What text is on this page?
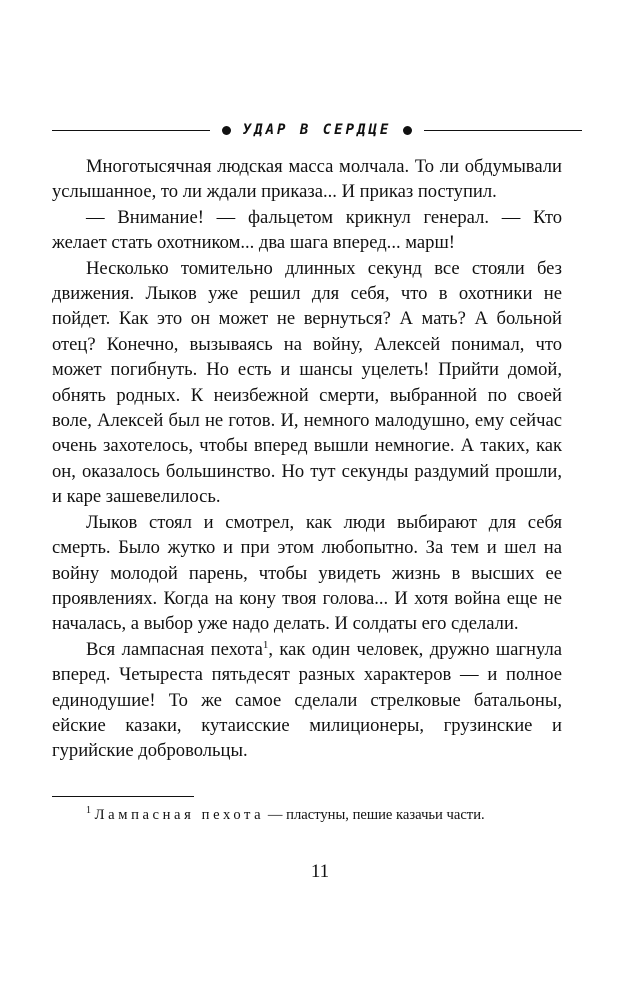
УДАР В СЕРДЦЕ

Многотысячная людская масса молчала. То ли обдумывали услышанное, то ли ждали приказа... И приказ поступил.

— Внимание! — фальцетом крикнул генерал. — Кто желает стать охотником... два шага вперед... марш!

Несколько томительно длинных секунд все стояли без движения. Лыков уже решил для себя, что в охотники не пойдет. Как это он может не вернуться? А мать? А больной отец? Конечно, вызываясь на войну, Алексей понимал, что может погибнуть. Но есть и шансы уцелеть! Прийти домой, обнять родных. К неизбежной смерти, выбранной по своей воле, Алексей был не готов. И, немного малодушно, ему сейчас очень захотелось, чтобы вперед вышли немногие. А таких, как он, оказалось большинство. Но тут секунды раздумий прошли, и каре зашевелилось.

Лыков стоял и смотрел, как люди выбирают для себя смерть. Было жутко и при этом любопытно. За тем и шел на войну молодой парень, чтобы увидеть жизнь в высших ее проявлениях. Когда на кону твоя голова... И хотя война еще не началась, а выбор уже надо делать. И солдаты его сделали.

Вся лампасная пехота$^1$, как один человек, дружно шагнула вперед. Четыреста пятьдесят разных характеров — и полное единодушие! То же самое сделали стрелковые батальоны, ейские казаки, кутаисские милиционеры, грузинские и гурийские добровольцы.

$^1$ Лампасная пехота — пластуны, пешие казачьи части.
11
